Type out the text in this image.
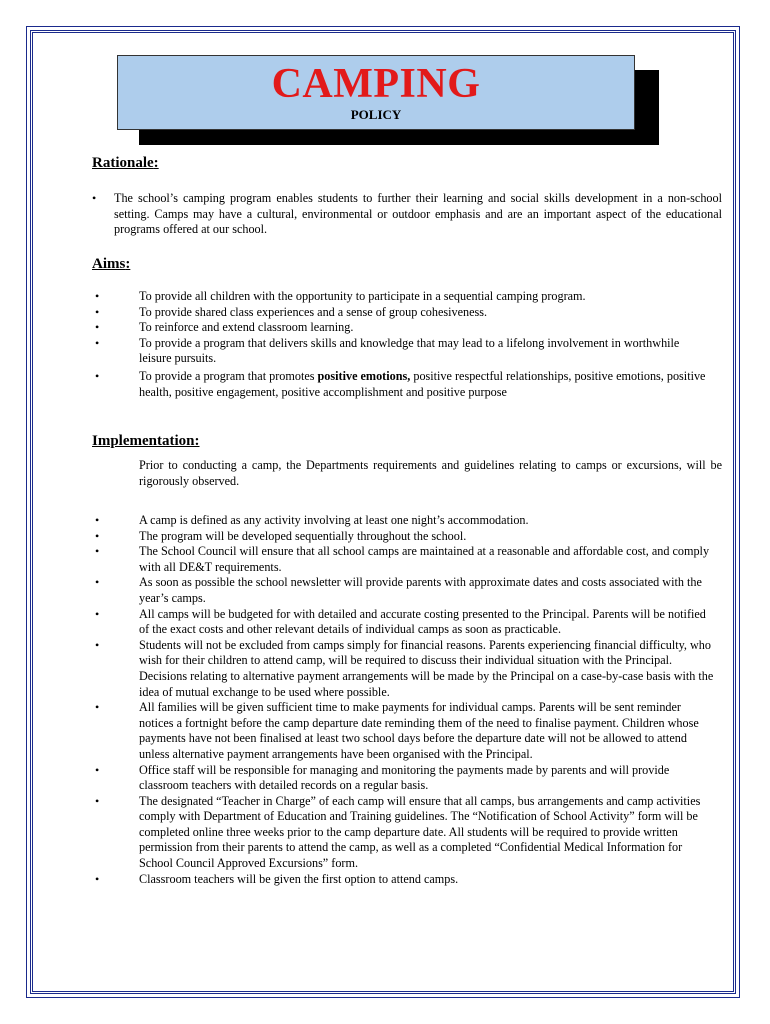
CAMPING
POLICY
Rationale:
• The school’s camping program enables students to further their learning and social skills development in a non-school setting. Camps may have a cultural, environmental or outdoor emphasis and are an important aspect of the educational programs offered at our school.
Aims:
•	To provide all children with the opportunity to participate in a sequential camping program.
•	To provide shared class experiences and a sense of group cohesiveness.
•	To reinforce and extend classroom learning.
•	To provide a program that delivers skills and knowledge that may lead to a lifelong involvement in worthwhile leisure pursuits.
•	To provide a program that promotes positive emotions, positive respectful relationships, positive emotions, positive health, positive engagement, positive accomplishment and positive purpose
Implementation:
Prior to conducting a camp, the Departments requirements and guidelines relating to camps or excursions, will be rigorously observed.
•	A camp is defined as any activity involving at least one night’s accommodation.
•	The program will be developed sequentially throughout the school.
•	The School Council will ensure that all school camps are maintained at a reasonable and affordable cost, and comply with all DE&T requirements.
•	As soon as possible the school newsletter will provide parents with approximate dates and costs associated with the year’s camps.
•	All camps will be budgeted for with detailed and accurate costing presented to the Principal. Parents will be notified of the exact costs and other relevant details of individual camps as soon as practicable.
•	Students will not be excluded from camps simply for financial reasons. Parents experiencing financial difficulty, who wish for their children to attend camp, will be required to discuss their individual situation with the Principal. Decisions relating to alternative payment arrangements will be made by the Principal on a case-by-case basis with the idea of mutual exchange to be used where possible.
•	All families will be given sufficient time to make payments for individual camps. Parents will be sent reminder notices a fortnight before the camp departure date reminding them of the need to finalise payment. Children whose payments have not been finalised at least two school days before the departure date will not be allowed to attend unless alternative payment arrangements have been organised with the Principal.
•	Office staff will be responsible for managing and monitoring the payments made by parents and will provide classroom teachers with detailed records on a regular basis.
•	The designated “Teacher in Charge” of each camp will ensure that all camps, bus arrangements and camp activities comply with Department of Education and Training guidelines. The “Notification of School Activity” form will be completed online three weeks prior to the camp departure date. All students will be required to provide written permission from their parents to attend the camp, as well as a completed “Confidential Medical Information for School Council Approved Excursions” form.
•	Classroom teachers will be given the first option to attend camps.
